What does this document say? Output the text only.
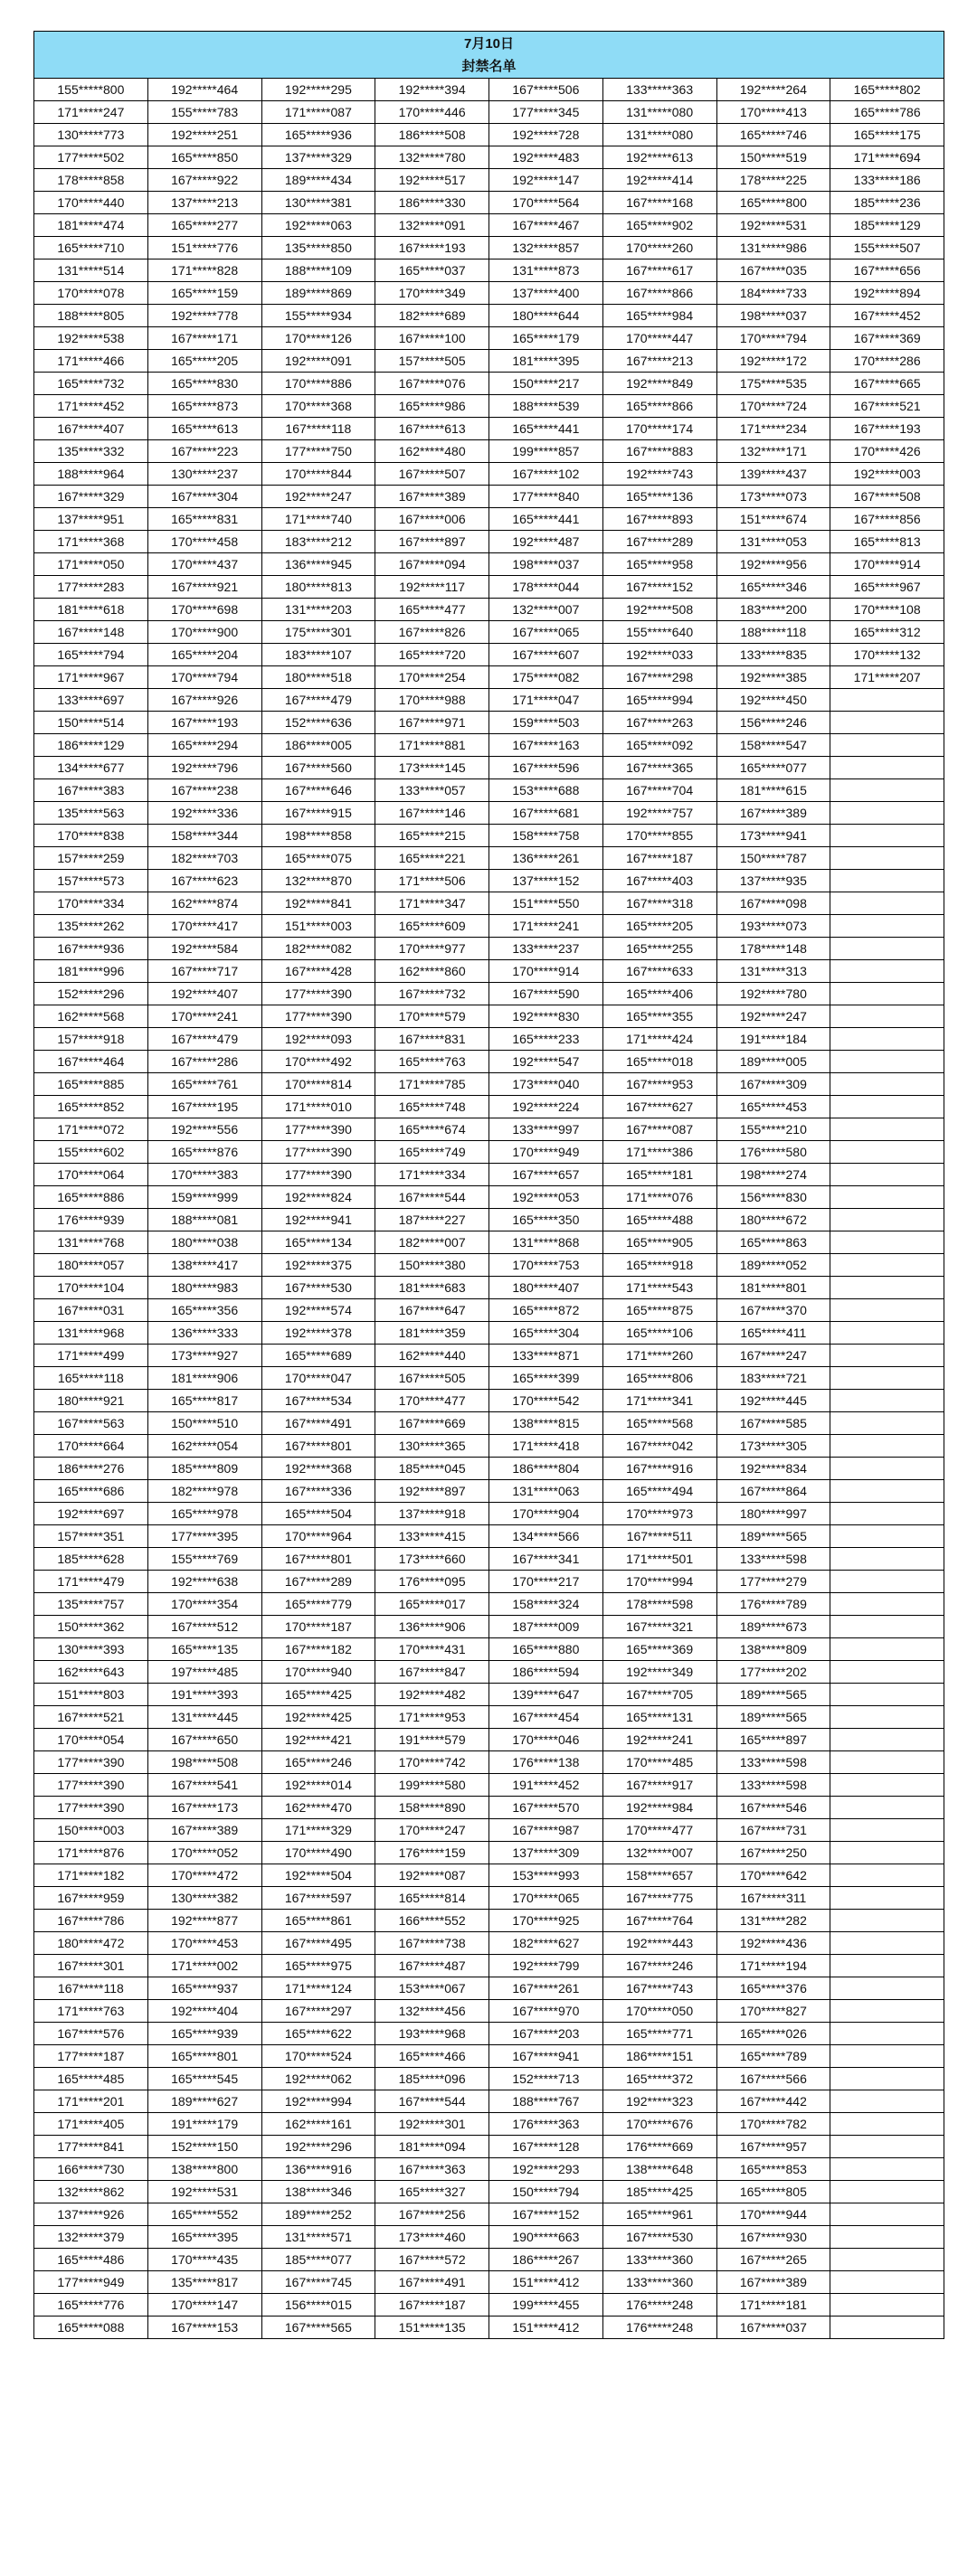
7月10日							
封禁名单							
155*****800	192*****464	192*****295	192*****394	167*****506	133*****363	192*****264	165*****802
171*****247	155*****783	171*****087	170*****446	177*****345	131*****080	170*****413	165*****786
130*****773	192*****251	165*****936	186*****508	192*****728	131*****080	165*****746	165*****175
177*****502	165*****850	137*****329	132*****780	192*****483	192*****613	150*****519	171*****694
178*****858	167*****922	189*****434	192*****517	192*****147	192*****414	178*****225	133*****186
170*****440	137*****213	130*****381	186*****330	170*****564	167*****168	165*****800	185*****236
181*****474	165*****277	192*****063	132*****091	167*****467	165*****902	192*****531	185*****129
165*****710	151*****776	135*****850	167*****193	132*****857	170*****260	131*****986	155*****507
131*****514	171*****828	188*****109	165*****037	131*****873	167*****617	167*****035	167*****656
170*****078	165*****159	189*****869	170*****349	137*****400	167*****866	184*****733	192*****894
188*****805	192*****778	155*****934	182*****689	180*****644	165*****984	198*****037	167*****452
192*****538	167*****171	170*****126	167*****100	165*****179	170*****447	170*****794	167*****369
171*****466	165*****205	192*****091	157*****505	181*****395	167*****213	192*****172	170*****286
165*****732	165*****830	170*****886	167*****076	150*****217	192*****849	175*****535	167*****665
171*****452	165*****873	170*****368	165*****986	188*****539	165*****866	170*****724	167*****521
167*****407	165*****613	167*****118	167*****613	165*****441	170*****174	171*****234	167*****193
135*****332	167*****223	177*****750	162*****480	199*****857	167*****883	132*****171	170*****426
188*****964	130*****237	170*****844	167*****507	167*****102	192*****743	139*****437	192*****003
167*****329	167*****304	192*****247	167*****389	177*****840	165*****136	173*****073	167*****508
137*****951	165*****831	171*****740	167*****006	165*****441	167*****893	151*****674	167*****856
171*****368	170*****458	183*****212	167*****897	192*****487	167*****289	131*****053	165*****813
171*****050	170*****437	136*****945	167*****094	198*****037	165*****958	192*****956	170*****914
177*****283	167*****921	180*****813	192*****117	178*****044	167*****152	165*****346	165*****967
181*****618	170*****698	131*****203	165*****477	132*****007	192*****508	183*****200	170*****108
167*****148	170*****900	175*****301	167*****826	167*****065	155*****640	188*****118	165*****312
165*****794	165*****204	183*****107	165*****720	167*****607	192*****033	133*****835	170*****132
171*****967	170*****794	180*****518	170*****254	175*****082	167*****298	192*****385	171*****207
133*****697	167*****926	167*****479	170*****988	171*****047	165*****994	192*****450	
150*****514	167*****193	152*****636	167*****971	159*****503	167*****263	156*****246	
186*****129	165*****294	186*****005	171*****881	167*****163	165*****092	158*****547	
134*****677	192*****796	167*****560	173*****145	167*****596	167*****365	165*****077	
167*****383	167*****238	167*****646	133*****057	153*****688	167*****704	181*****615	
135*****563	192*****336	167*****915	167*****146	167*****681	192*****757	167*****389	
170*****838	158*****344	198*****858	165*****215	158*****758	170*****855	173*****941	
157*****259	182*****703	165*****075	165*****221	136*****261	167*****187	150*****787	
157*****573	167*****623	132*****870	171*****506	137*****152	167*****403	137*****935	
170*****334	162*****874	192*****841	171*****347	151*****550	167*****318	167*****098	
135*****262	170*****417	151*****003	165*****609	171*****241	165*****205	193*****073	
167*****936	192*****584	182*****082	170*****977	133*****237	165*****255	178*****148	
181*****996	167*****717	167*****428	162*****860	170*****914	167*****633	131*****313	
152*****296	192*****407	177*****390	167*****732	167*****590	165*****406	192*****780	
162*****568	170*****241	177*****390	170*****579	192*****830	165*****355	192*****247	
157*****918	167*****479	192*****093	167*****831	165*****233	171*****424	191*****184	
167*****464	167*****286	170*****492	165*****763	192*****547	165*****018	189*****005	
165*****885	165*****761	170*****814	171*****785	173*****040	167*****953	167*****309	
165*****852	167*****195	171*****010	165*****748	192*****224	167*****627	165*****453	
171*****072	192*****556	177*****390	165*****674	133*****997	167*****087	155*****210	
155*****602	165*****876	177*****390	165*****749	170*****949	171*****386	176*****580	
170*****064	170*****383	177*****390	171*****334	167*****657	165*****181	198*****274	
165*****886	159*****999	192*****824	167*****544	192*****053	171*****076	156*****830	
176*****939	188*****081	192*****941	187*****227	165*****350	165*****488	180*****672	
131*****768	180*****038	165*****134	182*****007	131*****868	165*****905	165*****863	
180*****057	138*****417	192*****375	150*****380	170*****753	165*****918	189*****052	
170*****104	180*****983	167*****530	181*****683	180*****407	171*****543	181*****801	
167*****031	165*****356	192*****574	167*****647	165*****872	165*****875	167*****370	
131*****968	136*****333	192*****378	181*****359	165*****304	165*****106	165*****411	
171*****499	173*****927	165*****689	162*****440	133*****871	171*****260	167*****247	
165*****118	181*****906	170*****047	167*****505	165*****399	165*****806	183*****721	
180*****921	165*****817	167*****534	170*****477	170*****542	171*****341	192*****445	
167*****563	150*****510	167*****491	167*****669	138*****815	165*****568	167*****585	
170*****664	162*****054	167*****801	130*****365	171*****418	167*****042	173*****305	
186*****276	185*****809	192*****368	185*****045	186*****804	167*****916	192*****834	
165*****686	182*****978	167*****336	192*****897	131*****063	165*****494	167*****864	
192*****697	165*****978	165*****504	137*****918	170*****904	170*****973	180*****997	
157*****351	177*****395	170*****964	133*****415	134*****566	167*****511	189*****565	
185*****628	155*****769	167*****801	173*****660	167*****341	171*****501	133*****598	
171*****479	192*****638	167*****289	176*****095	170*****217	170*****994	177*****279	
135*****757	170*****354	165*****779	165*****017	158*****324	178*****598	176*****789	
150*****362	167*****512	170*****187	136*****906	187*****009	167*****321	189*****673	
130*****393	165*****135	167*****182	170*****431	165*****880	165*****369	138*****809	
162*****643	197*****485	170*****940	167*****847	186*****594	192*****349	177*****202	
151*****803	191*****393	165*****425	192*****482	139*****647	167*****705	189*****565	
167*****521	131*****445	192*****425	171*****953	167*****454	165*****131	189*****565	
170*****054	167*****650	192*****421	191*****579	170*****046	192*****241	165*****897	
177*****390	198*****508	165*****246	170*****742	176*****138	170*****485	133*****598	
177*****390	167*****541	192*****014	199*****580	191*****452	167*****917	133*****598	
177*****390	167*****173	162*****470	158*****890	167*****570	192*****984	167*****546	
150*****003	167*****389	171*****329	170*****247	167*****987	170*****477	167*****731	
171*****876	170*****052	170*****490	176*****159	137*****309	132*****007	167*****250	
171*****182	170*****472	192*****504	192*****087	153*****993	158*****657	170*****642	
167*****959	130*****382	167*****597	165*****814	170*****065	167*****775	167*****311	
167*****786	192*****877	165*****861	166*****552	170*****925	167*****764	131*****282	
180*****472	170*****453	167*****495	167*****738	182*****627	192*****443	192*****436	
167*****301	171*****002	165*****975	167*****487	192*****799	167*****246	171*****194	
167*****118	165*****937	171*****124	153*****067	167*****261	167*****743	165*****376	
171*****763	192*****404	167*****297	132*****456	167*****970	170*****050	170*****827	
167*****576	165*****939	165*****622	193*****968	167*****203	165*****771	165*****026	
177*****187	165*****801	170*****524	165*****466	167*****941	186*****151	165*****789	
165*****485	165*****545	192*****062	185*****096	152*****713	165*****372	167*****566	
171*****201	189*****627	192*****994	167*****544	188*****767	192*****323	167*****442	
171*****405	191*****179	162*****161	192*****301	176*****363	170*****676	170*****782	
177*****841	152*****150	192*****296	181*****094	167*****128	176*****669	167*****957	
166*****730	138*****800	136*****916	167*****363	192*****293	138*****648	165*****853	
132*****862	192*****531	138*****346	165*****327	150*****794	185*****425	165*****805	
137*****926	165*****552	189*****252	167*****256	167*****152	165*****961	170*****944	
132*****379	165*****395	131*****571	173*****460	190*****663	167*****530	167*****930	
165*****486	170*****435	185*****077	167*****572	186*****267	133*****360	167*****265	
177*****949	135*****817	167*****745	167*****491	151*****412	133*****360	167*****389	
165*****776	170*****147	156*****015	167*****187	199*****455	176*****248	171*****181	
165*****088	167*****153	167*****565	151*****135	151*****412	176*****248	167*****037	
